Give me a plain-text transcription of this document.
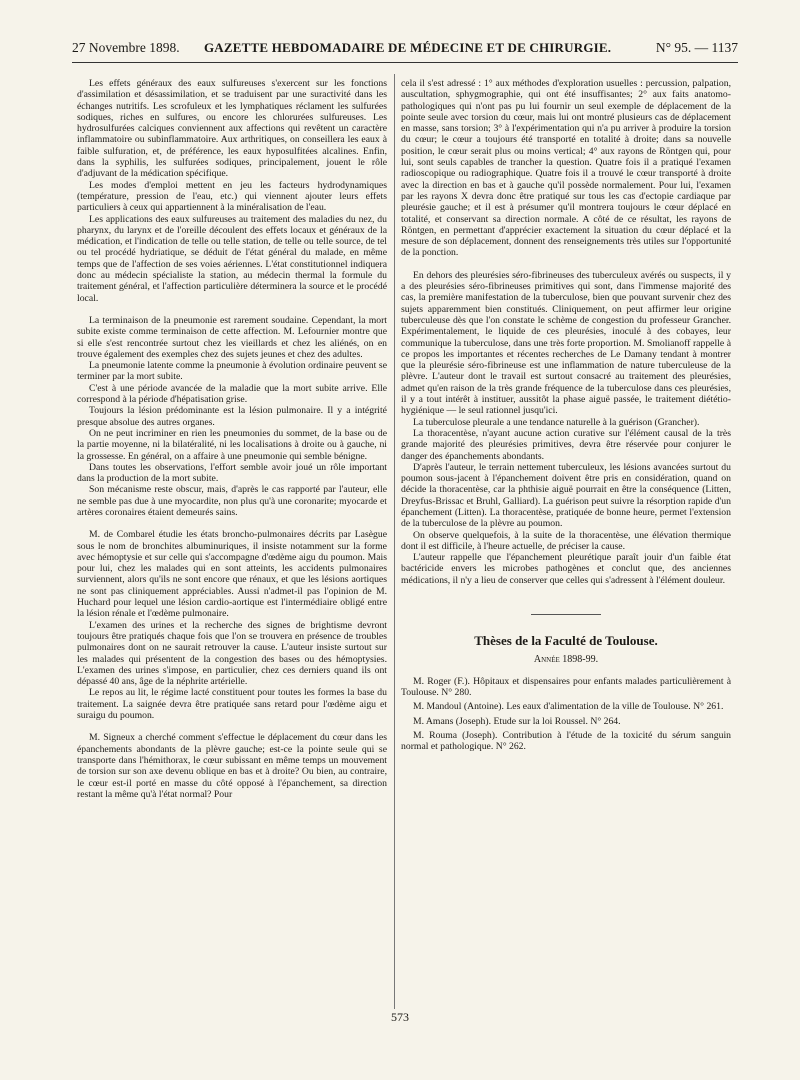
27 Novembre 1898. GAZETTE HEBDOMADAIRE DE MÉDECINE ET DE CHIRURGIE.	N° 95. — 1137

Les effets généraux des eaux sulfureuses s'exercent sur les fonctions d'assimilation et désassimilation, et se traduisent par une suractivité dans les échanges nutritifs. Les scrofuleux et les lymphatiques réclament les sulfurées sodiques, riches en sulfures, ou encore les chlorurées sulfureuses. Les hydrosulfurées calciques conviennent aux affections qui revêtent un caractère inflammatoire ou subinflammatoire. Aux arthritiques, on conseillera les eaux à faible sulfuration, et, de préférence, les eaux hyposulfitées alcalines. Enfin, dans la syphilis, les sulfurées sodiques, principalement, jouent le rôle d'adjuvant de la médication spécifique.

Les modes d'emploi mettent en jeu les facteurs hydrodynamiques (température, pression de l'eau, etc.) qui viennent ajouter leurs effets particuliers à ceux qui appartiennent à la minéralisation de l'eau.

Les applications des eaux sulfureuses au traitement des maladies du nez, du pharynx, du larynx et de l'oreille découlent des effets locaux et généraux de la médication, et l'indication de telle ou telle station, de telle ou telle source, de tel ou tel procédé hydriatique, se déduit de l'état général du malade, en même temps que de l'affection de ses voies aériennes. L'état constitutionnel indiquera donc au médecin spécialiste la station, au médecin thermal la formule du traitement général, et l'affection particulière déterminera la source et le procédé local.

La terminaison de la pneumonie est rarement soudaine. Cependant, la mort subite existe comme terminaison de cette affection. M. Lefournier montre que si elle s'est rencontrée surtout chez les vieillards et chez les aliénés, on en trouve également des exemples chez des sujets jeunes et chez des adultes.

La pneumonie latente comme la pneumonie à évolution ordinaire peuvent se terminer par la mort subite.

C'est à une période avancée de la maladie que la mort subite arrive. Elle correspond à la période d'hépatisation grise.

Toujours la lésion prédominante est la lésion pulmonaire. Il y a intégrité presque absolue des autres organes.

On ne peut incriminer en rien les pneumonies du sommet, de la base ou de la partie moyenne, ni la bilatéralité, ni les localisations à droite ou à gauche, ni la grossesse. En général, on a affaire à une pneumonie qui semble bénigne.

Dans toutes les observations, l'effort semble avoir joué un rôle important dans la production de la mort subite.

Son mécanisme reste obscur, mais, d'après le cas rapporté par l'auteur, elle ne semble pas due à une myocardite, non plus qu'à une coronarite; myocarde et artères coronaires étaient demeurés sains.

M. de Combarel étudie les états broncho-pulmonaires décrits par Lasègue sous le nom de bronchites albuminuriques, il insiste notamment sur la forme avec hémoptysie et sur celle qui s'accompagne d'œdème aigu du poumon. Mais pour lui, chez les malades qui en sont atteints, les accidents pulmonaires surviennent, alors qu'ils ne sont encore que rénaux, et que les lésions aortiques ne sont pas cliniquement appréciables. Aussi n'admet-il pas l'opinion de M. Huchard pour lequel une lésion cardio-aortique est l'intermédiaire obligé entre la lésion rénale et l'œdème pulmonaire.

L'examen des urines et la recherche des signes de brightisme devront toujours être pratiqués chaque fois que l'on se trouvera en présence de troubles pulmonaires dont on ne saurait retrouver la cause. L'auteur insiste surtout sur les malades qui présentent de la congestion des bases ou des hémoptysies. L'examen des urines s'impose, en particulier, chez ces derniers quand ils ont dépassé 40 ans, âge de la néphrite artérielle.

Le repos au lit, le régime lacté constituent pour toutes les formes la base du traitement. La saignée devra être pratiquée sans retard pour l'œdème aigu et suraigu du poumon.

M. Signeux a cherché comment s'effectue le déplacement du cœur dans les épanchements abondants de la plèvre gauche; est-ce la pointe seule qui se transporte dans l'hémithorax, le cœur subissant en même temps un mouvement de torsion sur son axe devenu oblique en bas et à droite? Ou bien, au contraire, le cœur est-il porté en masse du côté opposé à l'épanchement, sa direction restant la même qu'à l'état normal? Pour

cela il s'est adressé : 1° aux méthodes d'exploration usuelles : percussion, palpation, auscultation, sphygmographie, qui ont été insuffisantes; 2° aux faits anatomo-pathologiques qui n'ont pas pu lui fournir un seul exemple de déplacement de la pointe seule avec torsion du cœur, mais lui ont montré plusieurs cas de déplacement en masse, sans torsion; 3° à l'expérimentation qui n'a pu arriver à produire la torsion du cœur; le cœur a toujours été transporté en totalité à droite; dans sa nouvelle position, le cœur serait plus ou moins vertical; 4° aux rayons de Röntgen qui, pour lui, sont seuls capables de trancher la question. Quatre fois il a pratiqué l'examen radioscopique ou radiographique. Quatre fois il a trouvé le cœur transporté à droite avec la direction en bas et à gauche qu'il possède normalement. Pour lui, l'examen par les rayons X devra donc être pratiqué sur tous les cas d'ectopie cardiaque par pleurésie gauche; et il est à présumer qu'il montrera toujours le cœur déplacé en totalité, et conservant sa direction normale. A côté de ce résultat, les rayons de Röntgen, en permettant d'apprécier exactement la situation du cœur déplacé et la mesure de son déplacement, donnent des renseignements très utiles sur l'opportunité de la ponction.

En dehors des pleurésies séro-fibrineuses des tuberculeux avérés ou suspects, il y a des pleurésies séro-fibrineuses primitives qui sont, dans l'immense majorité des cas, la première manifestation de la tuberculose, bien que pouvant survenir chez des sujets apparemment bien constitués. Cliniquement, on peut affirmer leur origine tuberculeuse dès que l'on constate le schème de congestion du professeur Grancher. Expérimentalement, le liquide de ces pleurésies, inoculé à des cobayes, leur communique la tuberculose, dans une très forte proportion. M. Smolianoff rappelle à ce propos les importantes et récentes recherches de Le Damany tendant à montrer que la pleurésie séro-fibrineuse est une inflammation de nature tuberculeuse de la plèvre. L'auteur dont le travail est surtout consacré au traitement des pleurésies, admet qu'en raison de la très grande fréquence de la tuberculose dans ces pleurésies, il y a tout intérêt à instituer, aussitôt la phase aiguë passée, le traitement diététio-hygiénique — le seul rationnel jusqu'ici.

La tuberculose pleurale a une tendance naturelle à la guérison (Grancher).

La thoracentèse, n'ayant aucune action curative sur l'élément causal de la très grande majorité des pleurésies primitives, devra être réservée pour conjurer le danger des épanchements abondants.

D'après l'auteur, le terrain nettement tuberculeux, les lésions avancées surtout du poumon sous-jacent à l'épanchement doivent être pris en considération, quand on décide la thoracentèse, car la phthisie aiguë pourrait en être la conséquence (Litten, Dreyfus-Brissac et Bruhl, Galliard). La guérison peut suivre la résorption rapide d'un épanchement (Litten). La thoracentèse, pratiquée de bonne heure, permet l'extension de la tuberculose de la plèvre au poumon.

On observe quelquefois, à la suite de la thoracentèse, une élévation thermique dont il est difficile, à l'heure actuelle, de préciser la cause.

L'auteur rappelle que l'épanchement pleurétique paraît jouir d'un faible état bactéricide envers les microbes pathogènes et conclut que, des anciennes médications, il n'y a lieu de conserver que celles qui s'adressent à l'élément douleur.

Thèses de la Faculté de Toulouse.

Année 1898-99.

M. Roger (F.). Hôpitaux et dispensaires pour enfants malades particulièrement à Toulouse. N° 280.

M. Mandoul (Antoine). Les eaux d'alimentation de la ville de Toulouse. N° 261.

M. Amans (Joseph). Etude sur la loi Roussel. N° 264.

M. Rouma (Joseph). Contribution à l'étude de la toxicité du sérum sanguin normal et pathologique. N° 262.

573
